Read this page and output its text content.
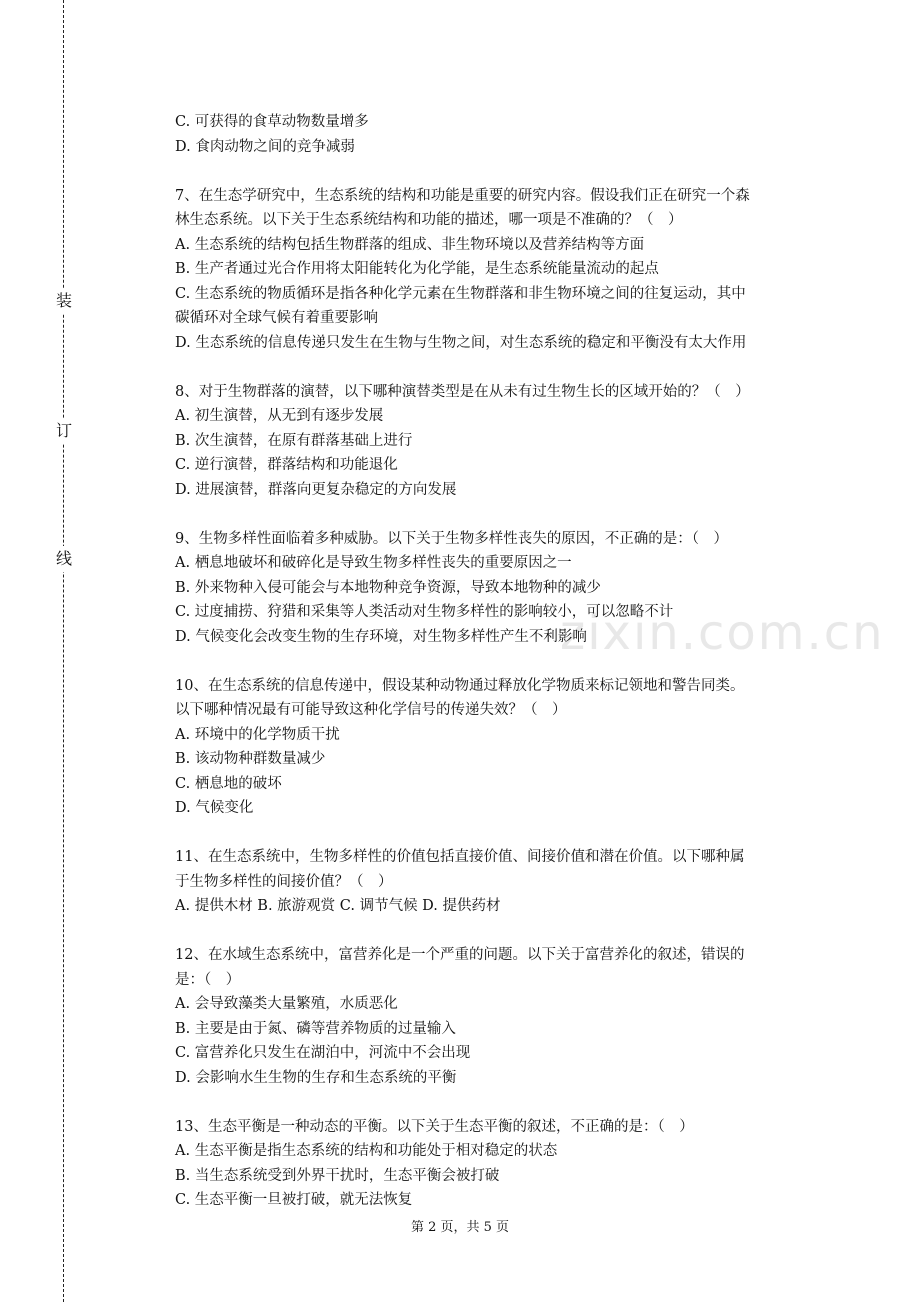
装
订
线
zixin.com.cn
C. 可获得的食草动物数量增多
D. 食肉动物之间的竞争减弱
7、在生态学研究中，生态系统的结构和功能是重要的研究内容。假设我们正在研究一个森
林生态系统。以下关于生态系统结构和功能的描述，哪一项是不准确的？（　）
A. 生态系统的结构包括生物群落的组成、非生物环境以及营养结构等方面
B. 生产者通过光合作用将太阳能转化为化学能，是生态系统能量流动的起点
C. 生态系统的物质循环是指各种化学元素在生物群落和非生物环境之间的往复运动，其中
碳循环对全球气候有着重要影响
D. 生态系统的信息传递只发生在生物与生物之间，对生态系统的稳定和平衡没有太大作用
8、对于生物群落的演替，以下哪种演替类型是在从未有过生物生长的区域开始的？（　）
A. 初生演替，从无到有逐步发展
B. 次生演替，在原有群落基础上进行
C. 逆行演替，群落结构和功能退化
D. 进展演替，群落向更复杂稳定的方向发展
9、生物多样性面临着多种威胁。以下关于生物多样性丧失的原因，不正确的是：（　）
A. 栖息地破坏和破碎化是导致生物多样性丧失的重要原因之一
B. 外来物种入侵可能会与本地物种竞争资源，导致本地物种的减少
C. 过度捕捞、狩猎和采集等人类活动对生物多样性的影响较小，可以忽略不计
D. 气候变化会改变生物的生存环境，对生物多样性产生不利影响
10、在生态系统的信息传递中，假设某种动物通过释放化学物质来标记领地和警告同类。
以下哪种情况最有可能导致这种化学信号的传递失效？（　）
A. 环境中的化学物质干扰
B. 该动物种群数量减少
C. 栖息地的破坏
D. 气候变化
11、在生态系统中，生物多样性的价值包括直接价值、间接价值和潜在价值。以下哪种属
于生物多样性的间接价值？（　）
A. 提供木材 B. 旅游观赏 C. 调节气候 D. 提供药材
12、在水域生态系统中，富营养化是一个严重的问题。以下关于富营养化的叙述，错误的
是：（　）
A. 会导致藻类大量繁殖，水质恶化
B. 主要是由于氮、磷等营养物质的过量输入
C. 富营养化只发生在湖泊中，河流中不会出现
D. 会影响水生生物的生存和生态系统的平衡
13、生态平衡是一种动态的平衡。以下关于生态平衡的叙述，不正确的是：（　）
A. 生态平衡是指生态系统的结构和功能处于相对稳定的状态
B. 当生态系统受到外界干扰时，生态平衡会被打破
C. 生态平衡一旦被打破，就无法恢复
第 2 页，共 5 页
